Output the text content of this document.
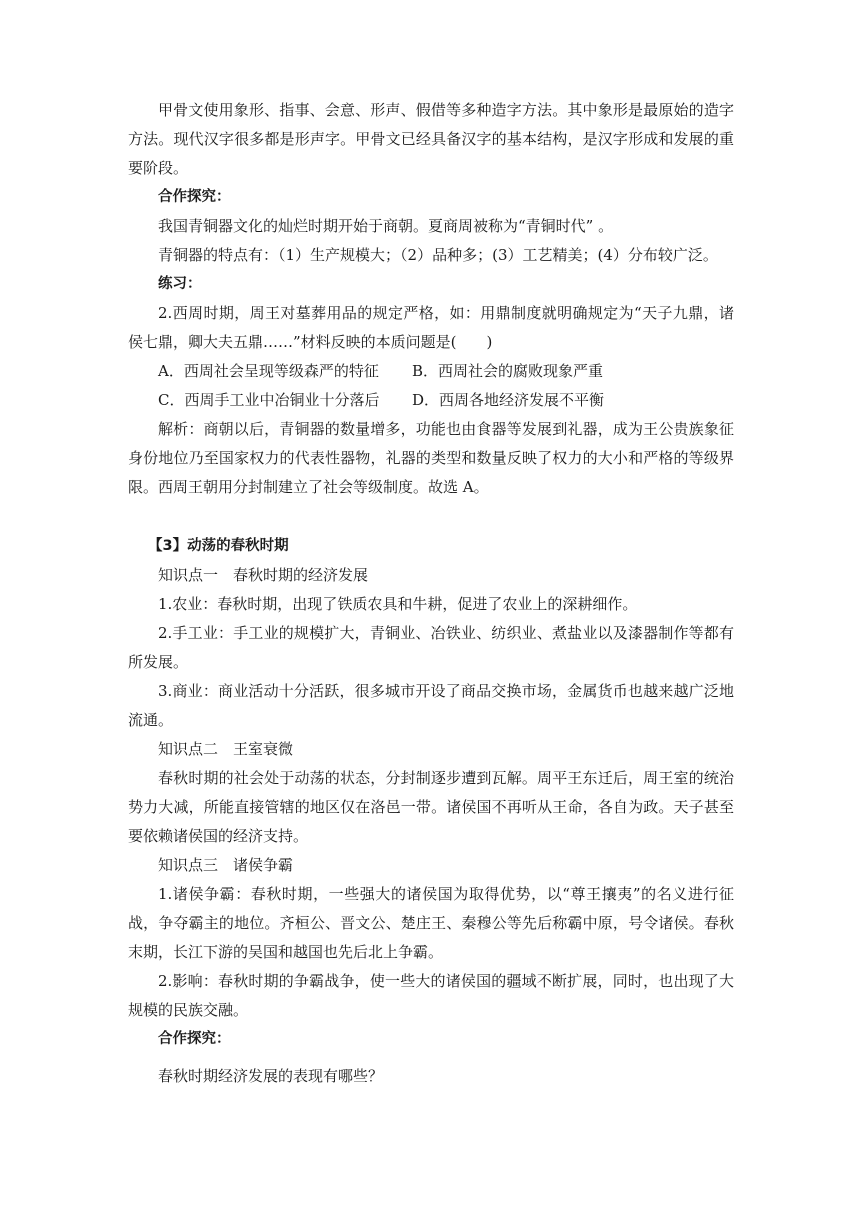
甲骨文使用象形、指事、会意、形声、假借等多种造字方法。其中象形是最原始的造字方法。现代汉字很多都是形声字。甲骨文已经具备汉字的基本结构，是汉字形成和发展的重要阶段。

合作探究：

我国青铜器文化的灿烂时期开始于商朝。夏商周被称为“青铜时代” 。

青铜器的特点有：（1）生产规模大；（2）品种多；(3）工艺精美；(4）分布较广泛。

练习：

2.西周时期，周王对墓葬用品的规定严格，如：用鼎制度就明确规定为“天子九鼎，诸侯七鼎，卿大夫五鼎……”材料反映的本质问题是(　　)

A．西周社会呈现等级森严的特征 B．西周社会的腐败现象严重
C．西周手工业中冶铜业十分落后 D．西周各地经济发展不平衡

解析：商朝以后，青铜器的数量增多，功能也由食器等发展到礼器，成为王公贵族象征身份地位乃至国家权力的代表性器物，礼器的类型和数量反映了权力的大小和严格的等级界限。西周王朝用分封制建立了社会等级制度。故选 A。

【3】动荡的春秋时期

知识点一　春秋时期的经济发展

1.农业：春秋时期，出现了铁质农具和牛耕，促进了农业上的深耕细作。

2.手工业：手工业的规模扩大，青铜业、冶铁业、纺织业、煮盐业以及漆器制作等都有所发展。

3.商业：商业活动十分活跃，很多城市开设了商品交换市场，金属货币也越来越广泛地流通。

知识点二　王室衰微

春秋时期的社会处于动荡的状态，分封制逐步遭到瓦解。周平王东迁后，周王室的统治势力大减，所能直接管辖的地区仅在洛邑一带。诸侯国不再听从王命，各自为政。天子甚至要依赖诸侯国的经济支持。

知识点三　诸侯争霸

1.诸侯争霸：春秋时期，一些强大的诸侯国为取得优势，以“尊王攘夷”的名义进行征战，争夺霸主的地位。齐桓公、晋文公、楚庄王、秦穆公等先后称霸中原，号令诸侯。春秋末期，长江下游的吴国和越国也先后北上争霸。

2.影响：春秋时期的争霸战争，使一些大的诸侯国的疆域不断扩展，同时，也出现了大规模的民族交融。

合作探究：

春秋时期经济发展的表现有哪些？
